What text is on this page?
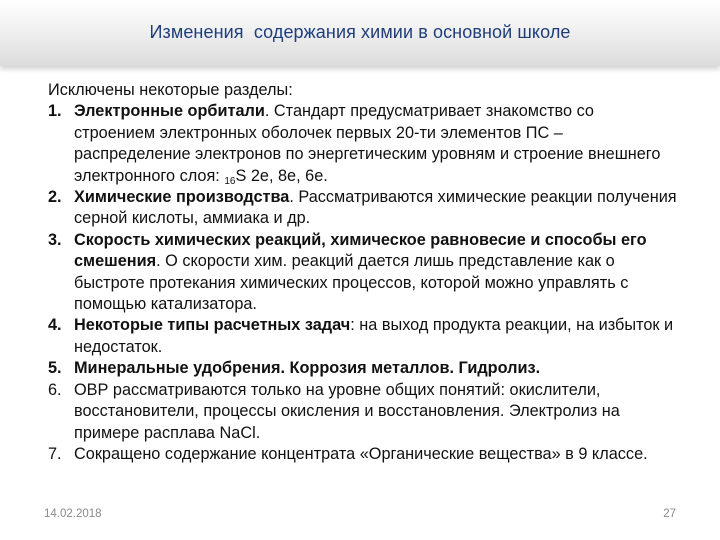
Изменения  содержания химии в основной школе

Исключены некоторые разделы:

1. Электронные орбитали. Стандарт предусматривает знакомство со строением электронных оболочек первых 20-ти элементов ПС – распределение электронов по энергетическим уровням и строение внешнего электронного слоя: $_{16}$S 2е, 8е, 6е.
2. Химические производства. Рассматриваются химические реакции получения серной кислоты, аммиака и др.
3. Скорость химических реакций, химическое равновесие и способы его смешения. О скорости хим. реакций дается лишь представление как о быстроте протекания химических процессов, которой можно управлять с помощью катализатора.
4. Некоторые типы расчетных задач: на выход продукта реакции, на избыток и недостаток.
5. Минеральные удобрения. Коррозия металлов. Гидролиз.
6. ОВР рассматриваются только на уровне общих понятий: окислители, восстановители, процессы окисления и восстановления. Электролиз на примере расплава NaCl.
7. Сокращено содержание концентрата «Органические вещества» в 9 классе.
14.02.2018	27
